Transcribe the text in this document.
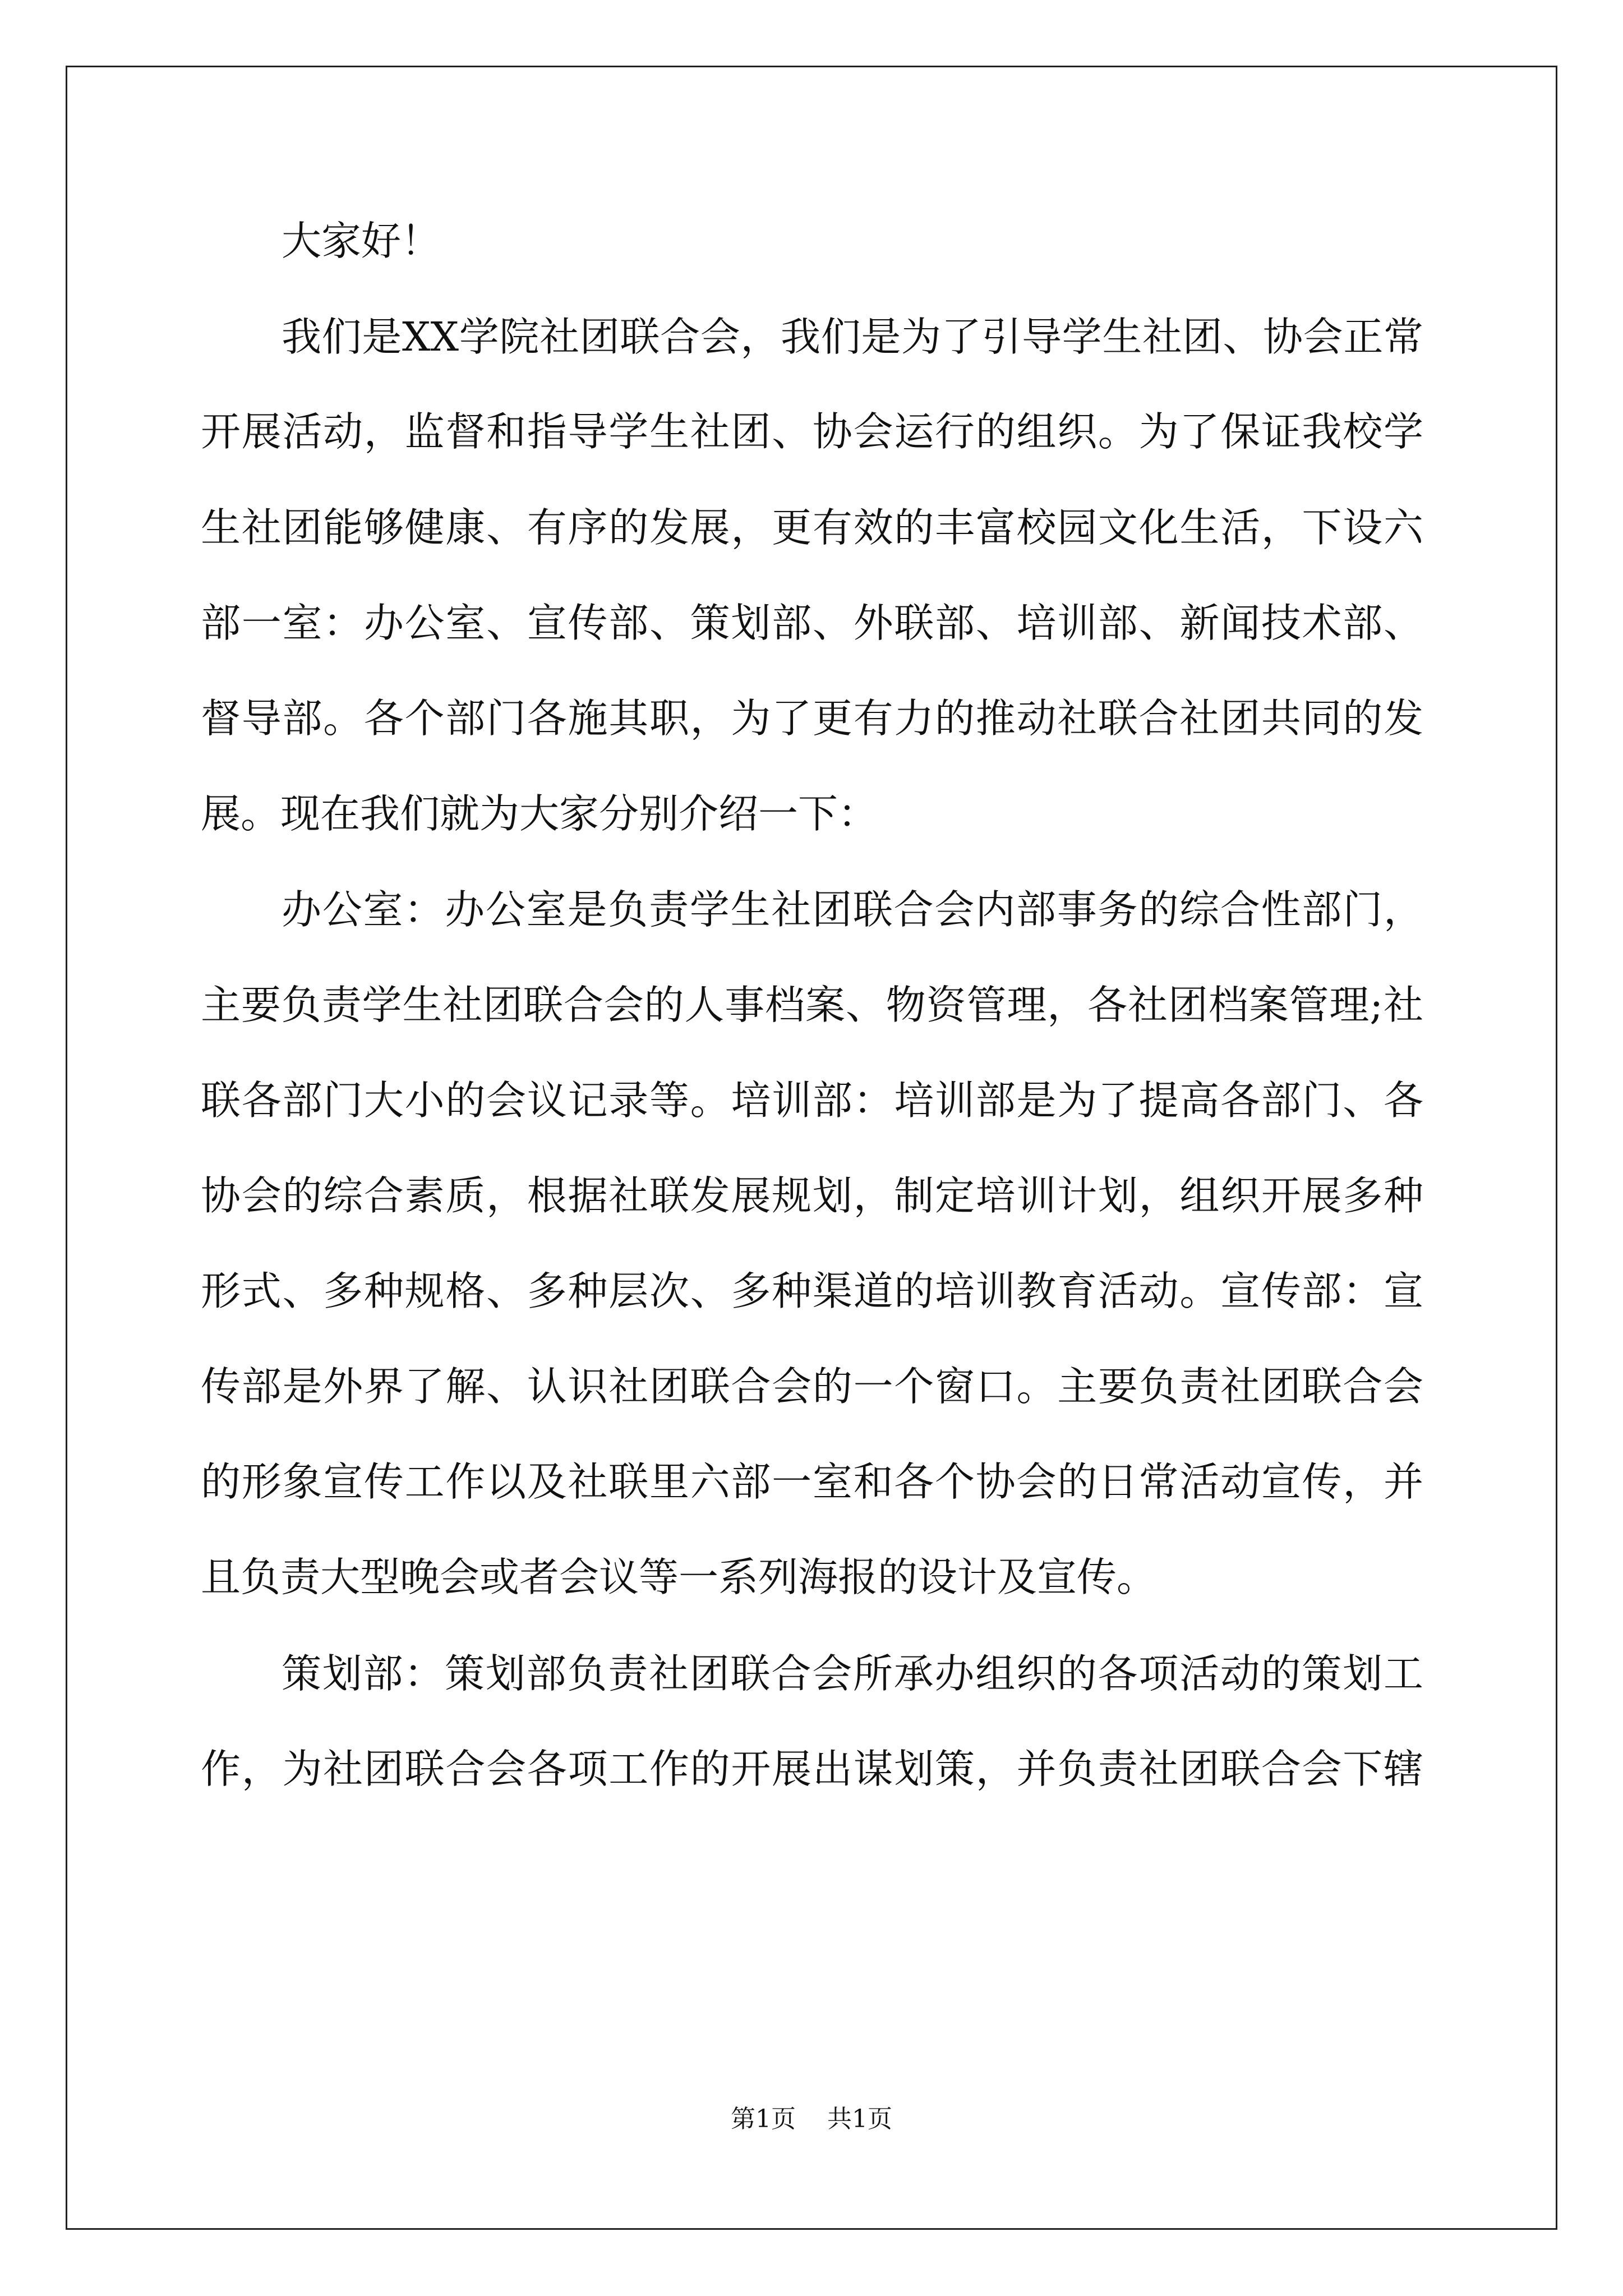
大家好！
我们是XX学院社团联合会，我们是为了引导学生社团、协会正常
开展活动，监督和指导学生社团、协会运行的组织。为了保证我校学
生社团能够健康、有序的发展，更有效的丰富校园文化生活，下设六
部一室：办公室、宣传部、策划部、外联部、培训部、新闻技术部、
督导部。各个部门各施其职，为了更有力的推动社联合社团共同的发
展。现在我们就为大家分别介绍一下：
办公室：办公室是负责学生社团联合会内部事务的综合性部门，
主要负责学生社团联合会的人事档案、物资管理，各社团档案管理;社
联各部门大小的会议记录等。培训部：培训部是为了提高各部门、各
协会的综合素质，根据社联发展规划，制定培训计划，组织开展多种
形式、多种规格、多种层次、多种渠道的培训教育活动。宣传部：宣
传部是外界了解、认识社团联合会的一个窗口。主要负责社团联合会
的形象宣传工作以及社联里六部一室和各个协会的日常活动宣传，并
且负责大型晚会或者会议等一系列海报的设计及宣传。
策划部：策划部负责社团联合会所承办组织的各项活动的策划工
作，为社团联合会各项工作的开展出谋划策，并负责社团联合会下辖
第1页 共1页
